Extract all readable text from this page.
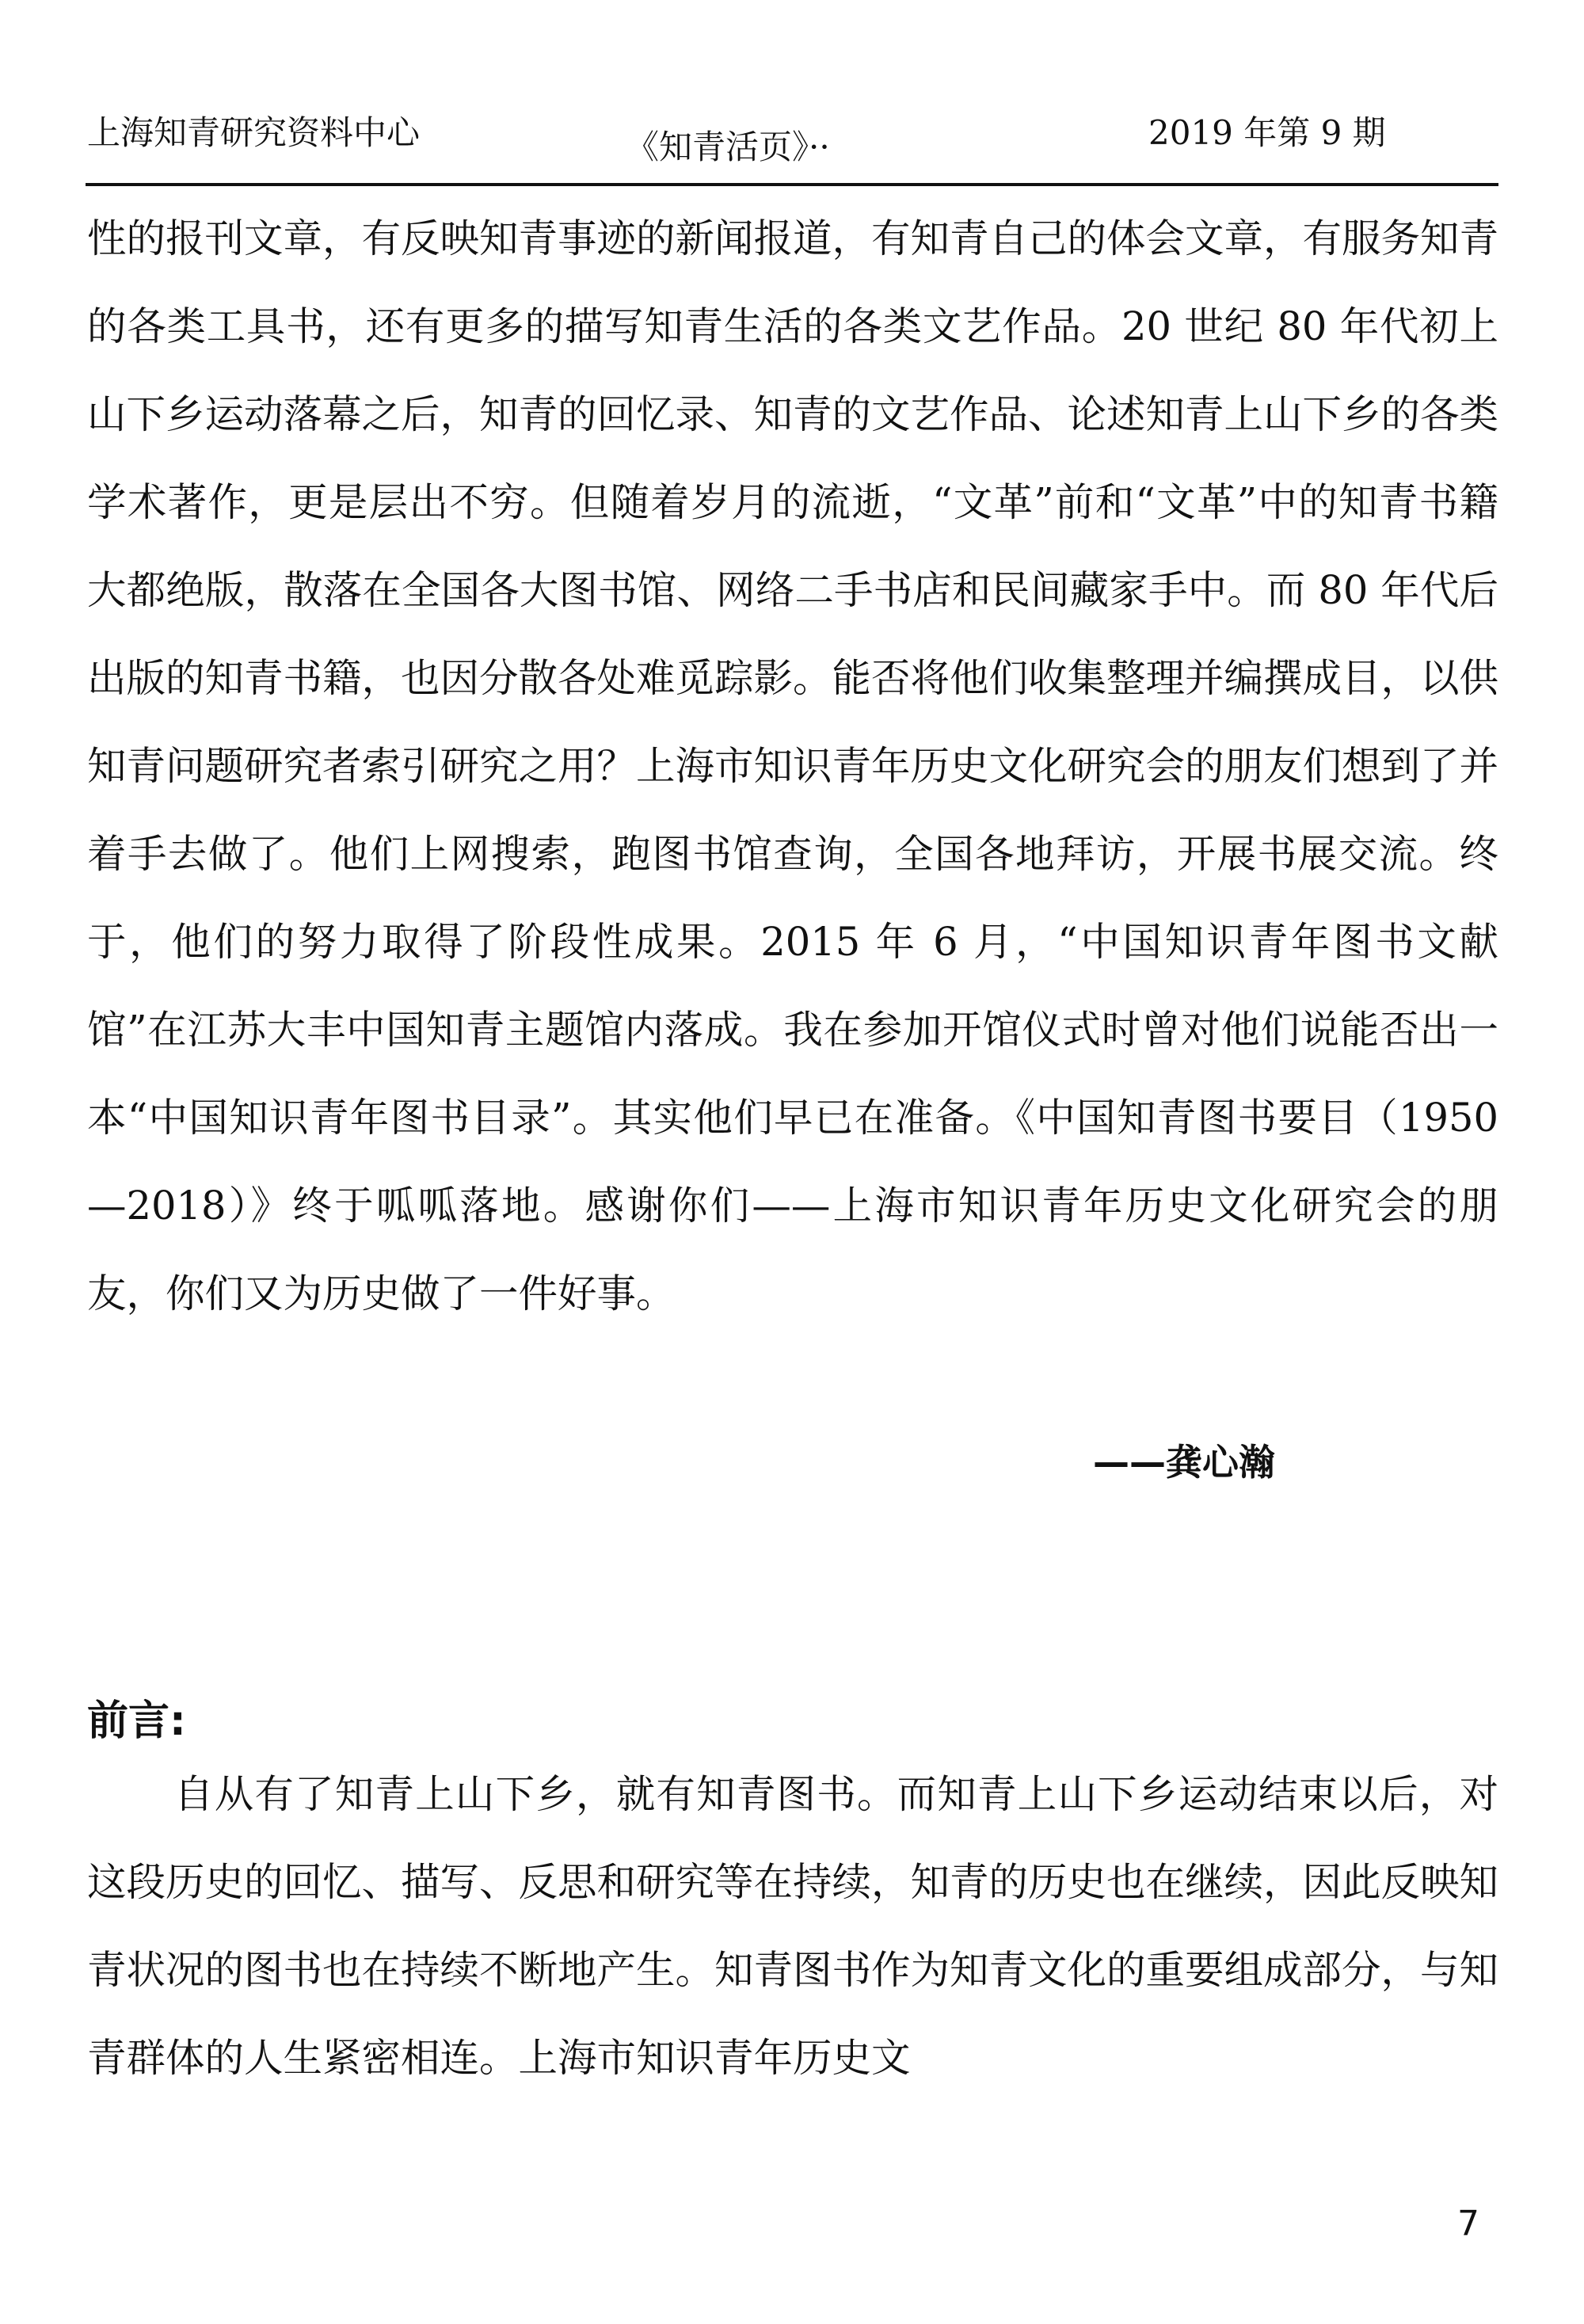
上海知青研究资料中心	《知青活页》··	2019 年第 9 期

性的报刊文章，有反映知青事迹的新闻报道，有知青自己的体会文章，有服务知青的各类工具书，还有更多的描写知青生活的各类文艺作品。20 世纪 80 年代初上山下乡运动落幕之后，知青的回忆录、知青的文艺作品、论述知青上山下乡的各类学术著作，更是层出不穷。但随着岁月的流逝，“文革”前和“文革”中的知青书籍大都绝版，散落在全国各大图书馆、网络二手书店和民间藏家手中。而 80 年代后出版的知青书籍，也因分散各处难觅踪影。能否将他们收集整理并编撰成目，以供知青问题研究者索引研究之用？上海市知识青年历史文化研究会的朋友们想到了并着手去做了。他们上网搜索，跑图书馆查询，全国各地拜访，开展书展交流。终于，他们的努力取得了阶段性成果。2015 年 6 月，“中国知识青年图书文献馆”在江苏大丰中国知青主题馆内落成。我在参加开馆仪式时曾对他们说能否出一本“中国知识青年图书目录”。其实他们早已在准备。《中国知青图书要目（1950—2018）》终于呱呱落地。感谢你们——上海市知识青年历史文化研究会的朋友，你们又为历史做了一件好事。

——龚心瀚
前言:

自从有了知青上山下乡，就有知青图书。而知青上山下乡运动结束以后，对这段历史的回忆、描写、反思和研究等在持续，知青的历史也在继续，因此反映知青状况的图书也在持续不断地产生。知青图书作为知青文化的重要组成部分，与知青群体的人生紧密相连。上海市知识青年历史文

7
